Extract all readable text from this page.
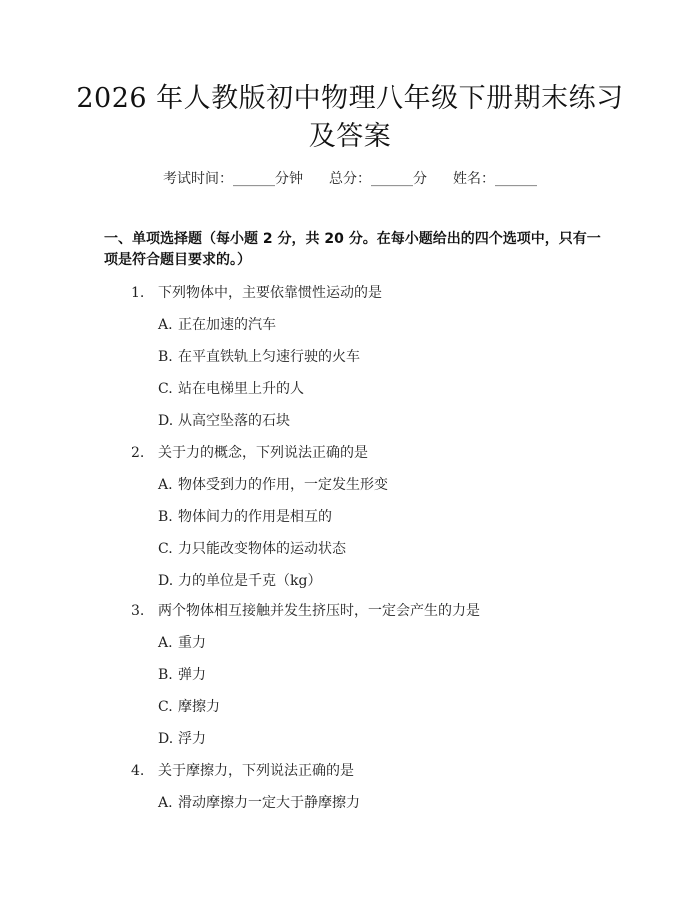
2026 年人教版初中物理八年级下册期末练习
及答案
考试时间：______分钟 总分：______分 姓名：______
一、单项选择题（每小题 2 分，共 20 分。在每小题给出的四个选项中，只有一项是符合题目要求的。）
1. 下列物体中，主要依靠惯性运动的是
A. 正在加速的汽车
B. 在平直铁轨上匀速行驶的火车
C. 站在电梯里上升的人
D. 从高空坠落的石块
2. 关于力的概念，下列说法正确的是
A. 物体受到力的作用，一定发生形变
B. 物体间力的作用是相互的
C. 力只能改变物体的运动状态
D. 力的单位是千克（kg）
3. 两个物体相互接触并发生挤压时，一定会产生的力是
A. 重力
B. 弹力
C. 摩擦力
D. 浮力
4. 关于摩擦力，下列说法正确的是
A. 滑动摩擦力一定大于静摩擦力
